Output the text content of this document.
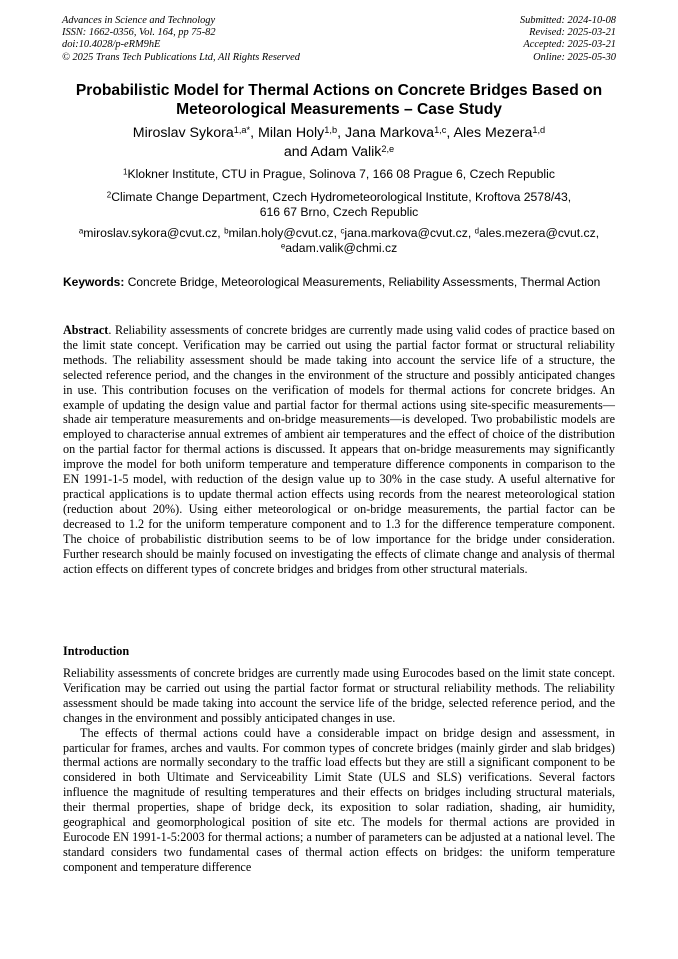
Advances in Science and Technology
ISSN: 1662-0356, Vol. 164, pp 75-82
doi:10.4028/p-eRM9hE
© 2025 Trans Tech Publications Ltd, All Rights Reserved
Submitted: 2024-10-08
Revised: 2025-03-21
Accepted: 2025-03-21
Online: 2025-05-30
Probabilistic Model for Thermal Actions on Concrete Bridges Based on
Meteorological Measurements – Case Study
Miroslav Sykora$^{1,a*}$, Milan Holy$^{1,b}$, Jana Markova$^{1,c}$, Ales Mezera$^{1,d}$
and Adam Valik$^{2,e}$
$^1$Klokner Institute, CTU in Prague, Solinova 7, 166 08 Prague 6, Czech Republic
$^2$Climate Change Department, Czech Hydrometeorological Institute, Kroftova 2578/43,
616 67 Brno, Czech Republic
$^a$miroslav.sykora@cvut.cz, $^b$milan.holy@cvut.cz, $^c$jana.markova@cvut.cz, $^d$ales.mezera@cvut.cz,
$^e$adam.valik@chmi.cz
Keywords: Concrete Bridge, Meteorological Measurements, Reliability Assessments, Thermal Action

Abstract. Reliability assessments of concrete bridges are currently made using valid codes of practice based on the limit state concept. Verification may be carried out using the partial factor format or structural reliability methods. The reliability assessment should be made taking into account the service life of a structure, the selected reference period, and the changes in the environment of the structure and possibly anticipated changes in use. This contribution focuses on the verification of models for thermal actions for concrete bridges. An example of updating the design value and partial factor for thermal actions using site-specific measurements—shade air temperature measurements and on-bridge measurements—is developed. Two probabilistic models are employed to characterise annual extremes of ambient air temperatures and the effect of choice of the distribution on the partial factor for thermal actions is discussed. It appears that on-bridge measurements may significantly improve the model for both uniform temperature and temperature difference components in comparison to the EN 1991-1-5 model, with reduction of the design value up to 30% in the case study. A useful alternative for practical applications is to update thermal action effects using records from the nearest meteorological station (reduction about 20%). Using either meteorological or on-bridge measurements, the partial factor can be decreased to 1.2 for the uniform temperature component and to 1.3 for the difference temperature component. The choice of probabilistic distribution seems to be of low importance for the bridge under consideration. Further research should be mainly focused on investigating the effects of climate change and analysis of thermal action effects on different types of concrete bridges and bridges from other structural materials.

Introduction

Reliability assessments of concrete bridges are currently made using Eurocodes based on the limit state concept. Verification may be carried out using the partial factor format or structural reliability methods. The reliability assessment should be made taking into account the service life of the bridge, selected reference period, and the changes in the environment and possibly anticipated changes in use.

The effects of thermal actions could have a considerable impact on bridge design and assessment, in particular for frames, arches and vaults. For common types of concrete bridges (mainly girder and slab bridges) thermal actions are normally secondary to the traffic load effects but they are still a significant component to be considered in both Ultimate and Serviceability Limit State (ULS and SLS) verifications. Several factors influence the magnitude of resulting temperatures and their effects on bridges including structural materials, their thermal properties, shape of bridge deck, its exposition to solar radiation, shading, air humidity, geographical and geomorphological position of site etc. The models for thermal actions are provided in Eurocode EN 1991-1-5:2003 for thermal actions; a number of parameters can be adjusted at a national level. The standard considers two fundamental cases of thermal action effects on bridges: the uniform temperature component and temperature difference
